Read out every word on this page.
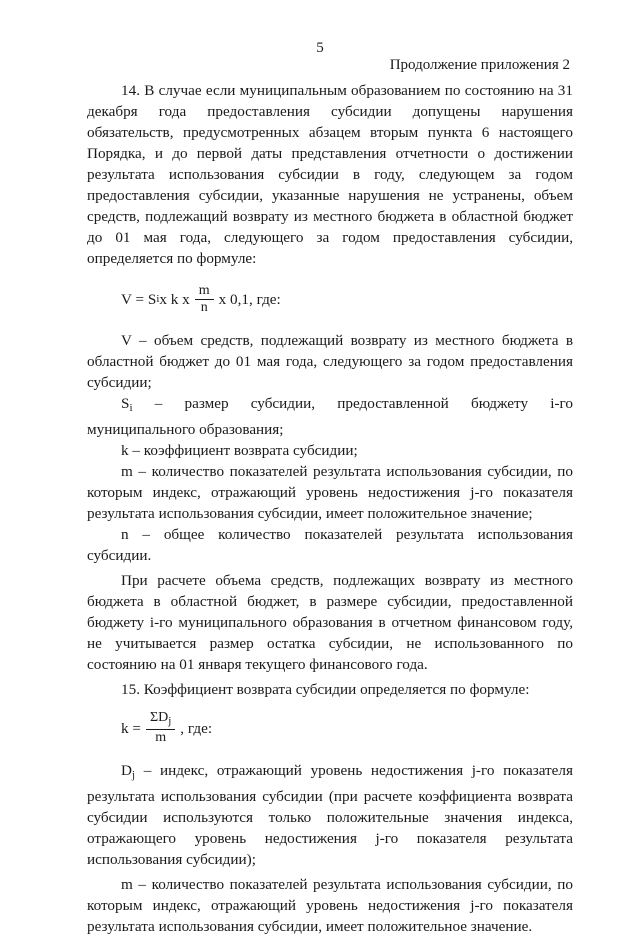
5
Продолжение приложения 2

14. В случае если муниципальным образованием по состоянию на 31 декабря года предоставления субсидии допущены нарушения обязательств, предусмотренных абзацем вторым пункта 6 настоящего Порядка, и до первой даты представления отчетности о достижении результата использования субсидии в году, следующем за годом предоставления субсидии, указанные нарушения не устранены, объем средств, подлежащий возврату из местного бюджета в областной бюджет до 01 мая года, следующего за годом предоставления субсидии, определяется по формуле:

V = S i x k x $\frac{m}{n}$ x 0,1, где:

V – объем средств, подлежащий возврату из местного бюджета в областной бюджет до 01 мая года, следующего за годом предоставления субсидии;

$S_i$ – размер субсидии, предоставленной бюджету i-го муниципального образования;

k – коэффициент возврата субсидии;

m – количество показателей результата использования субсидии, по которым индекс, отражающий уровень недостижения j-го показателя результата использования субсидии, имеет положительное значение;

n – общее количество показателей результата использования субсидии.

При расчете объема средств, подлежащих возврату из местного бюджета в областной бюджет, в размере субсидии, предоставленной бюджету i-го муниципального образования в отчетном финансовом году, не учитывается размер остатка субсидии, не использованного по состоянию на 01 января текущего финансового года.

15. Коэффициент возврата субсидии определяется по формуле:

$k = \frac{\Sigma D_j}{m}$ , где:

$D_j$ – индекс, отражающий уровень недостижения j-го показателя результата использования субсидии (при расчете коэффициента возврата субсидии используются только положительные значения индекса, отражающего уровень недостижения j-го показателя результата использования субсидии);

m – количество показателей результата использования субсидии, по которым индекс, отражающий уровень недостижения j-го показателя результата использования субсидии, имеет положительное значение.
